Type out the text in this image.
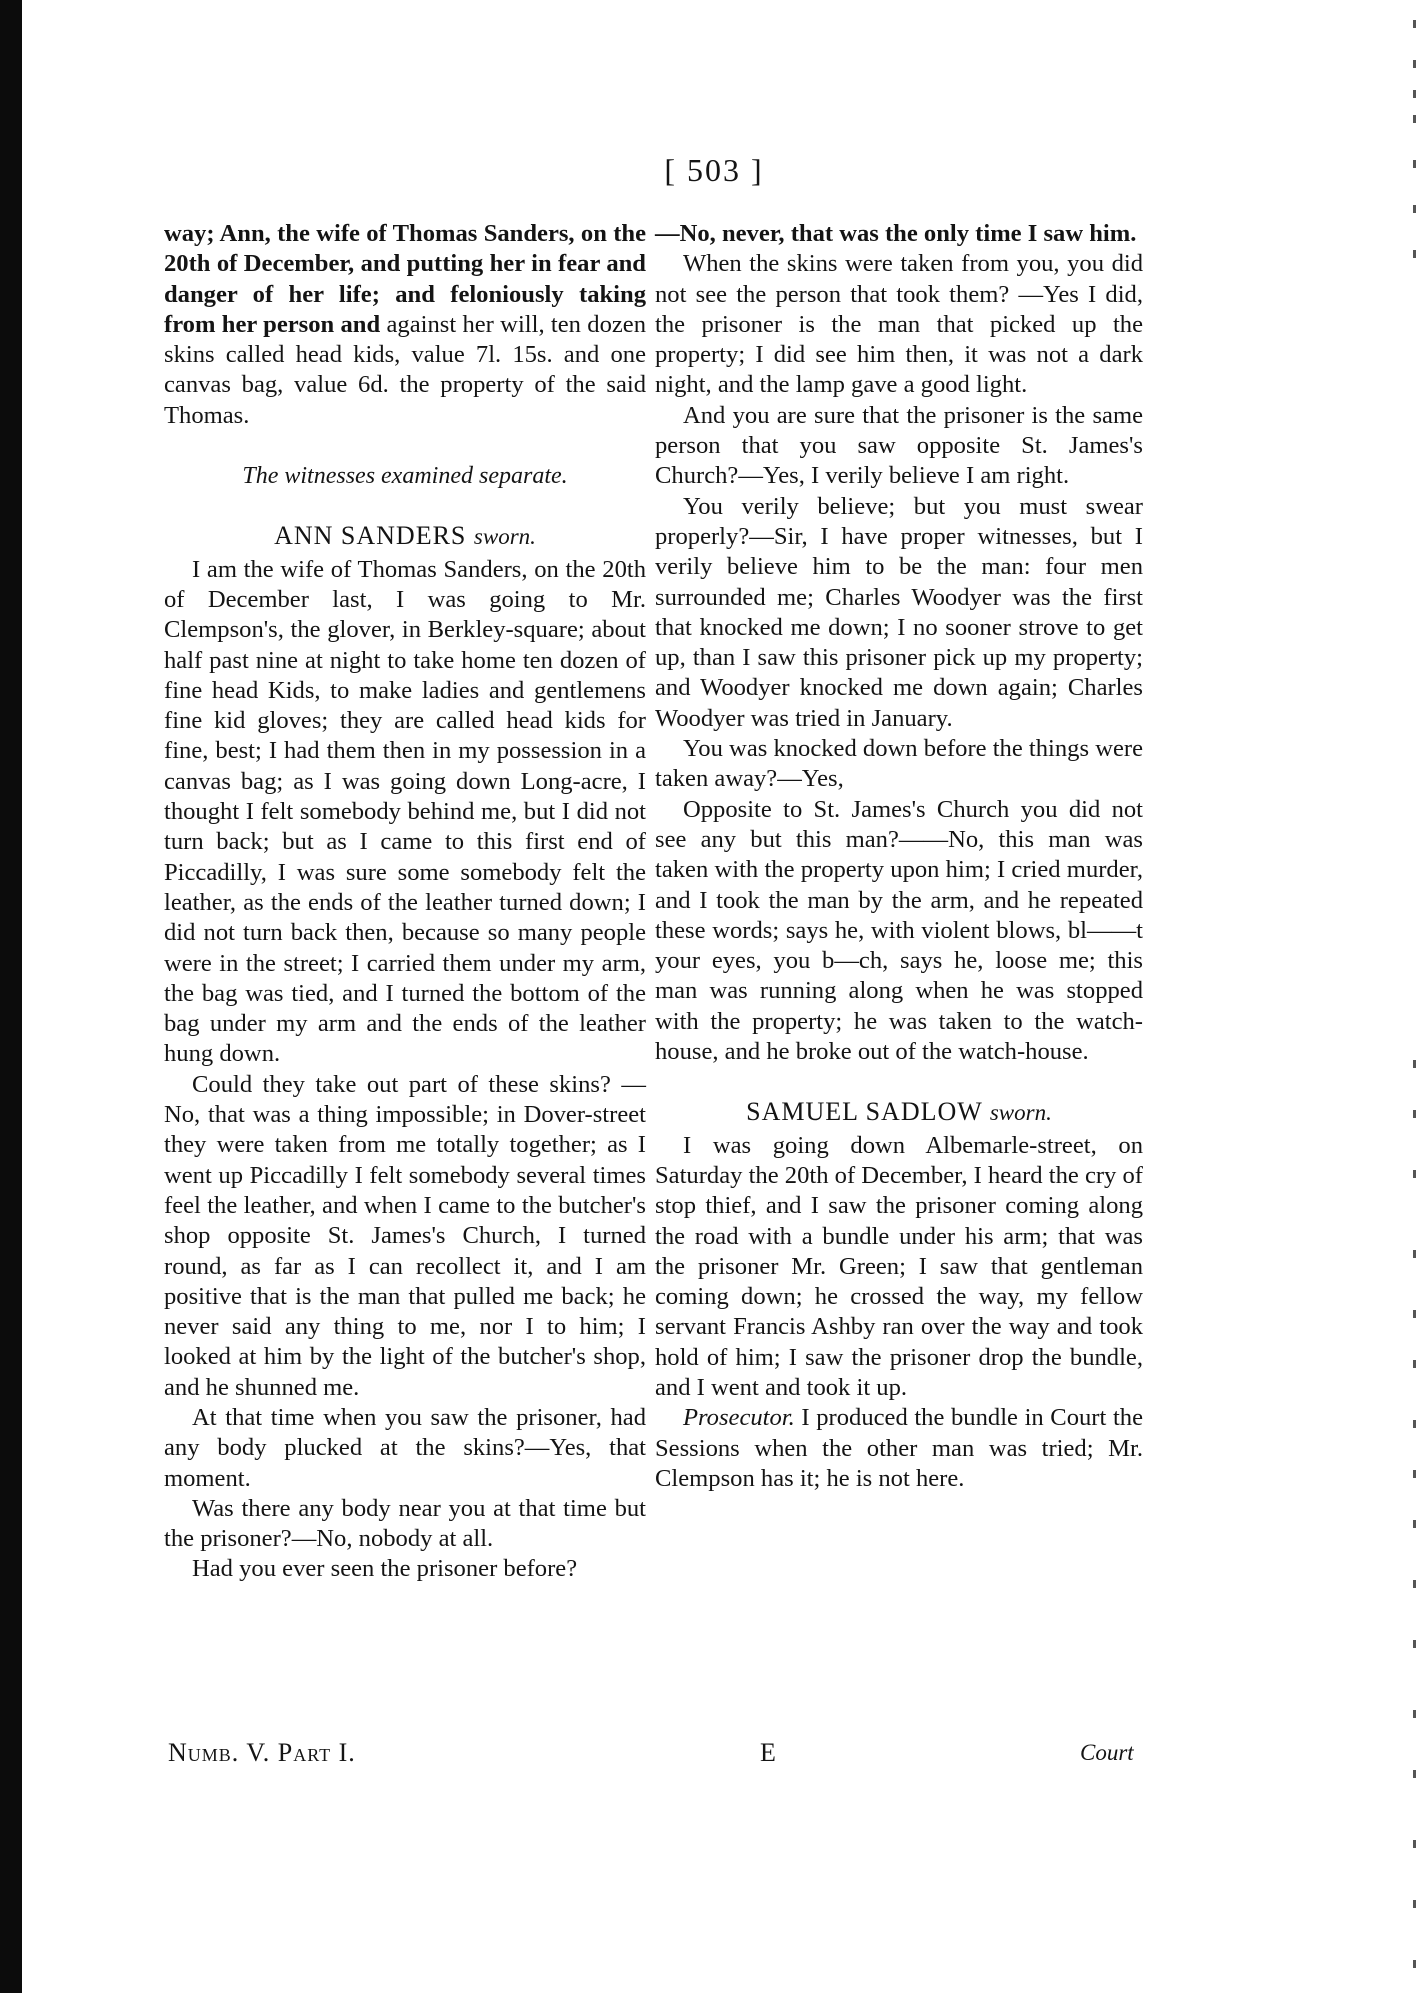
[ 503 ]

way; Ann, the wife of Thomas Sanders, on the 20th of December, and putting her in fear and danger of her life; and feloniously taking from her person and against her will, ten dozen skins called head kids, value 7l. 15s. and one canvas bag, value 6d. the property of the said Thomas.

The witnesses examined separate.
ANN SANDERS sworn.

I am the wife of Thomas Sanders, on the 20th of December last, I was going to Mr. Clempson's, the glover, in Berkley-square; about half past nine at night to take home ten dozen of fine head Kids, to make ladies and gentlemens fine kid gloves; they are called head kids for fine, best; I had them then in my possession in a canvas bag; as I was going down Long-acre, I thought I felt somebody behind me, but I did not turn back; but as I came to this first end of Piccadilly, I was sure some somebody felt the leather, as the ends of the leather turned down; I did not turn back then, because so many people were in the street; I carried them under my arm, the bag was tied, and I turned the bottom of the bag under my arm and the ends of the leather hung down.

Could they take out part of these skins? —No, that was a thing impossible; in Dover-street they were taken from me totally together; as I went up Piccadilly I felt somebody several times feel the leather, and when I came to the butcher's shop opposite St. James's Church, I turned round, as far as I can recollect it, and I am positive that is the man that pulled me back; he never said any thing to me, nor I to him; I looked at him by the light of the butcher's shop, and he shunned me.

At that time when you saw the prisoner, had any body plucked at the skins?—Yes, that moment.

Was there any body near you at that time but the prisoner?—No, nobody at all.

Had you ever seen the prisoner before?

—No, never, that was the only time I saw him.

When the skins were taken from you, you did not see the person that took them? —Yes I did, the prisoner is the man that picked up the property; I did see him then, it was not a dark night, and the lamp gave a good light.

And you are sure that the prisoner is the same person that you saw opposite St. James's Church?—Yes, I verily believe I am right.

You verily believe; but you must swear properly?—Sir, I have proper witnesses, but I verily believe him to be the man: four men surrounded me; Charles Woodyer was the first that knocked me down; I no sooner strove to get up, than I saw this prisoner pick up my property; and Woodyer knocked me down again; Charles Woodyer was tried in January.

You was knocked down before the things were taken away?—Yes,

Opposite to St. James's Church you did not see any but this man?——No, this man was taken with the property upon him; I cried murder, and I took the man by the arm, and he repeated these words; says he, with violent blows, bl——t your eyes, you b—ch, says he, loose me; this man was running along when he was stopped with the property; he was taken to the watch-house, and he broke out of the watch-house.

SAMUEL SADLOW sworn.

I was going down Albemarle-street, on Saturday the 20th of December, I heard the cry of stop thief, and I saw the prisoner coming along the road with a bundle under his arm; that was the prisoner Mr. Green; I saw that gentleman coming down; he crossed the way, my fellow servant Francis Ashby ran over the way and took hold of him; I saw the prisoner drop the bundle, and I went and took it up.

Prosecutor. I produced the bundle in Court the Sessions when the other man was tried; Mr. Clempson has it; he is not here.

Numb. V. Part I.	E	Court
